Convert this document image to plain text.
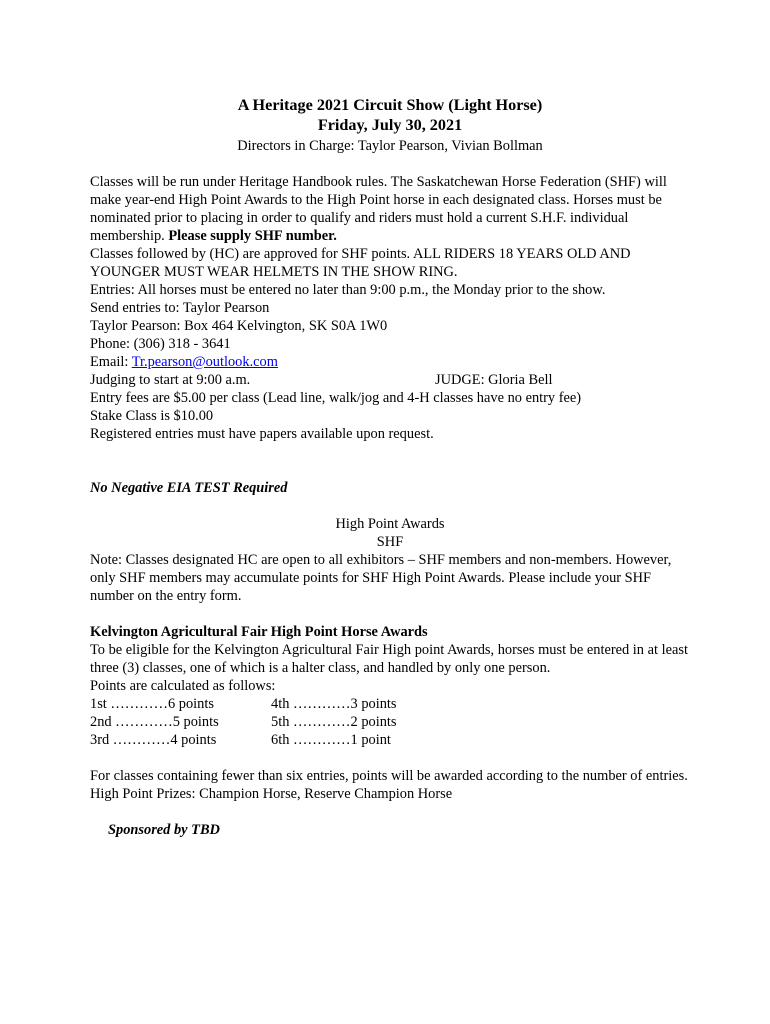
A Heritage 2021 Circuit Show (Light Horse)
Friday, July 30, 2021
Directors in Charge: Taylor Pearson, Vivian Bollman

Classes will be run under Heritage Handbook rules. The Saskatchewan Horse Federation (SHF) will make year-end High Point Awards to the High Point horse in each designated class. Horses must be nominated prior to placing in order to qualify and riders must hold a current S.H.F. individual membership. Please supply SHF number.

Classes followed by (HC) are approved for SHF points. ALL RIDERS 18 YEARS OLD AND YOUNGER MUST WEAR HELMETS IN THE SHOW RING.

Entries: All horses must be entered no later than 9:00 p.m., the Monday prior to the show.

Send entries to: Taylor Pearson

Taylor Pearson: Box 464 Kelvington, SK S0A 1W0

Phone: (306) 318 - 3641

Email: Tr.pearson@outlook.com

Judging to start at 9:00 a.m.	JUDGE: Gloria Bell

Entry fees are $5.00 per class (Lead line, walk/jog and 4-H classes have no entry fee)

Stake Class is $10.00

Registered entries must have papers available upon request.

No Negative EIA TEST Required

High Point Awards

SHF

Note: Classes designated HC are open to all exhibitors – SHF members and non-members. However, only SHF members may accumulate points for SHF High Point Awards. Please include your SHF number on the entry form.

Kelvington Agricultural Fair High Point Horse Awards

To be eligible for the Kelvington Agricultural Fair High point Awards, horses must be entered in at least three (3) classes, one of which is a halter class, and handled by only one person.

Points are calculated as follows:

1st …………6 points	4th …………3 points
2nd …………5 points	5th …………2 points
3rd …………4 points	6th …………1 point

For classes containing fewer than six entries, points will be awarded according to the number of entries.

High Point Prizes: Champion Horse, Reserve Champion Horse

Sponsored by TBD
